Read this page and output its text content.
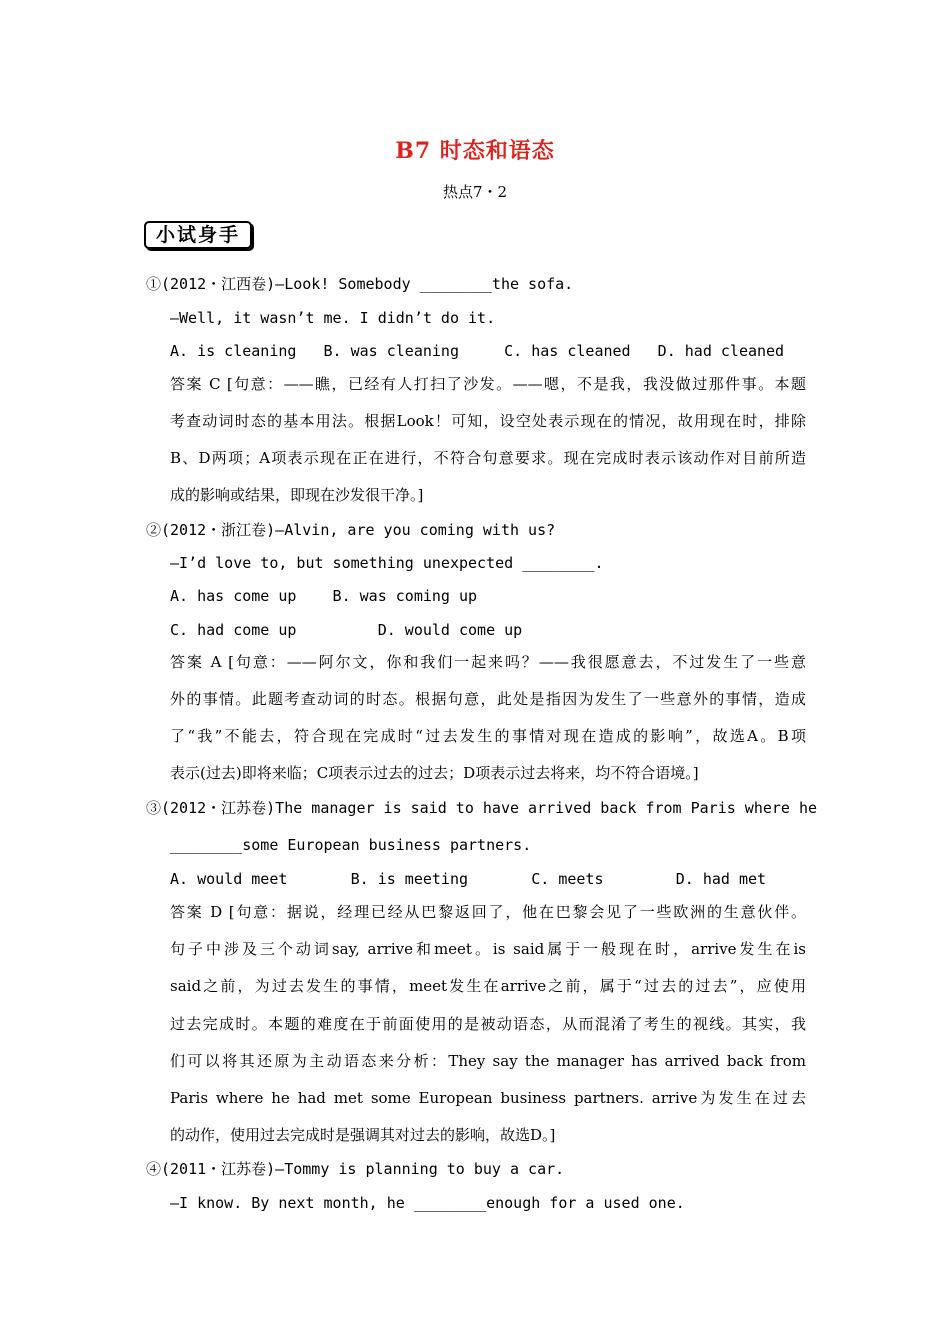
B7 时态和语态
热点7・2
小试身手
①(2012・江西卷)—Look! Somebody ________the sofa.
—Well, it wasn’t me. I didn’t do it.
A. is cleaning   B. was cleaning     C. has cleaned   D. had cleaned
答案 C [句意：——瞧，已经有人打扫了沙发。——嗯，不是我，我没做过那件事。本题
考查动词时态的基本用法。根据Look！可知，设空处表示现在的情况，故用现在时，排除
B、D两项；A项表示现在正在进行，不符合句意要求。现在完成时表示该动作对目前所造
成的影响或结果，即现在沙发很干净。]
②(2012・浙江卷)—Alvin, are you coming with us?
—I’d love to, but something unexpected ________.
A. has come up    B. was coming up
C. had come up         D. would come up
答案 A [句意：——阿尔文，你和我们一起来吗？——我很愿意去，不过发生了一些意
外的事情。此题考查动词的时态。根据句意，此处是指因为发生了一些意外的事情，造成
了“我”不能去，符合现在完成时“过去发生的事情对现在造成的影响”，故选A。B项
表示(过去)即将来临；C项表示过去的过去；D项表示过去将来，均不符合语境。]
③(2012・江苏卷)The manager is said to have arrived back from Paris where he
________some European business partners.
A. would meet       B. is meeting       C. meets        D. had met
答案 D [句意：据说，经理已经从巴黎返回了，他在巴黎会见了一些欧洲的生意伙伴。
句子中涉及三个动词say, arrive和meet。is said属于一般现在时，arrive发生在is
said之前，为过去发生的事情，meet发生在arrive之前，属于“过去的过去”，应使用
过去完成时。本题的难度在于前面使用的是被动语态，从而混淆了考生的视线。其实，我
们可以将其还原为主动语态来分析：They say the manager has arrived back from
Paris where he had met some European business partners. arrive为发生在过去
的动作，使用过去完成时是强调其对过去的影响，故选D。]
④(2011・江苏卷)—Tommy is planning to buy a car.
—I know. By next month, he ________enough for a used one.
